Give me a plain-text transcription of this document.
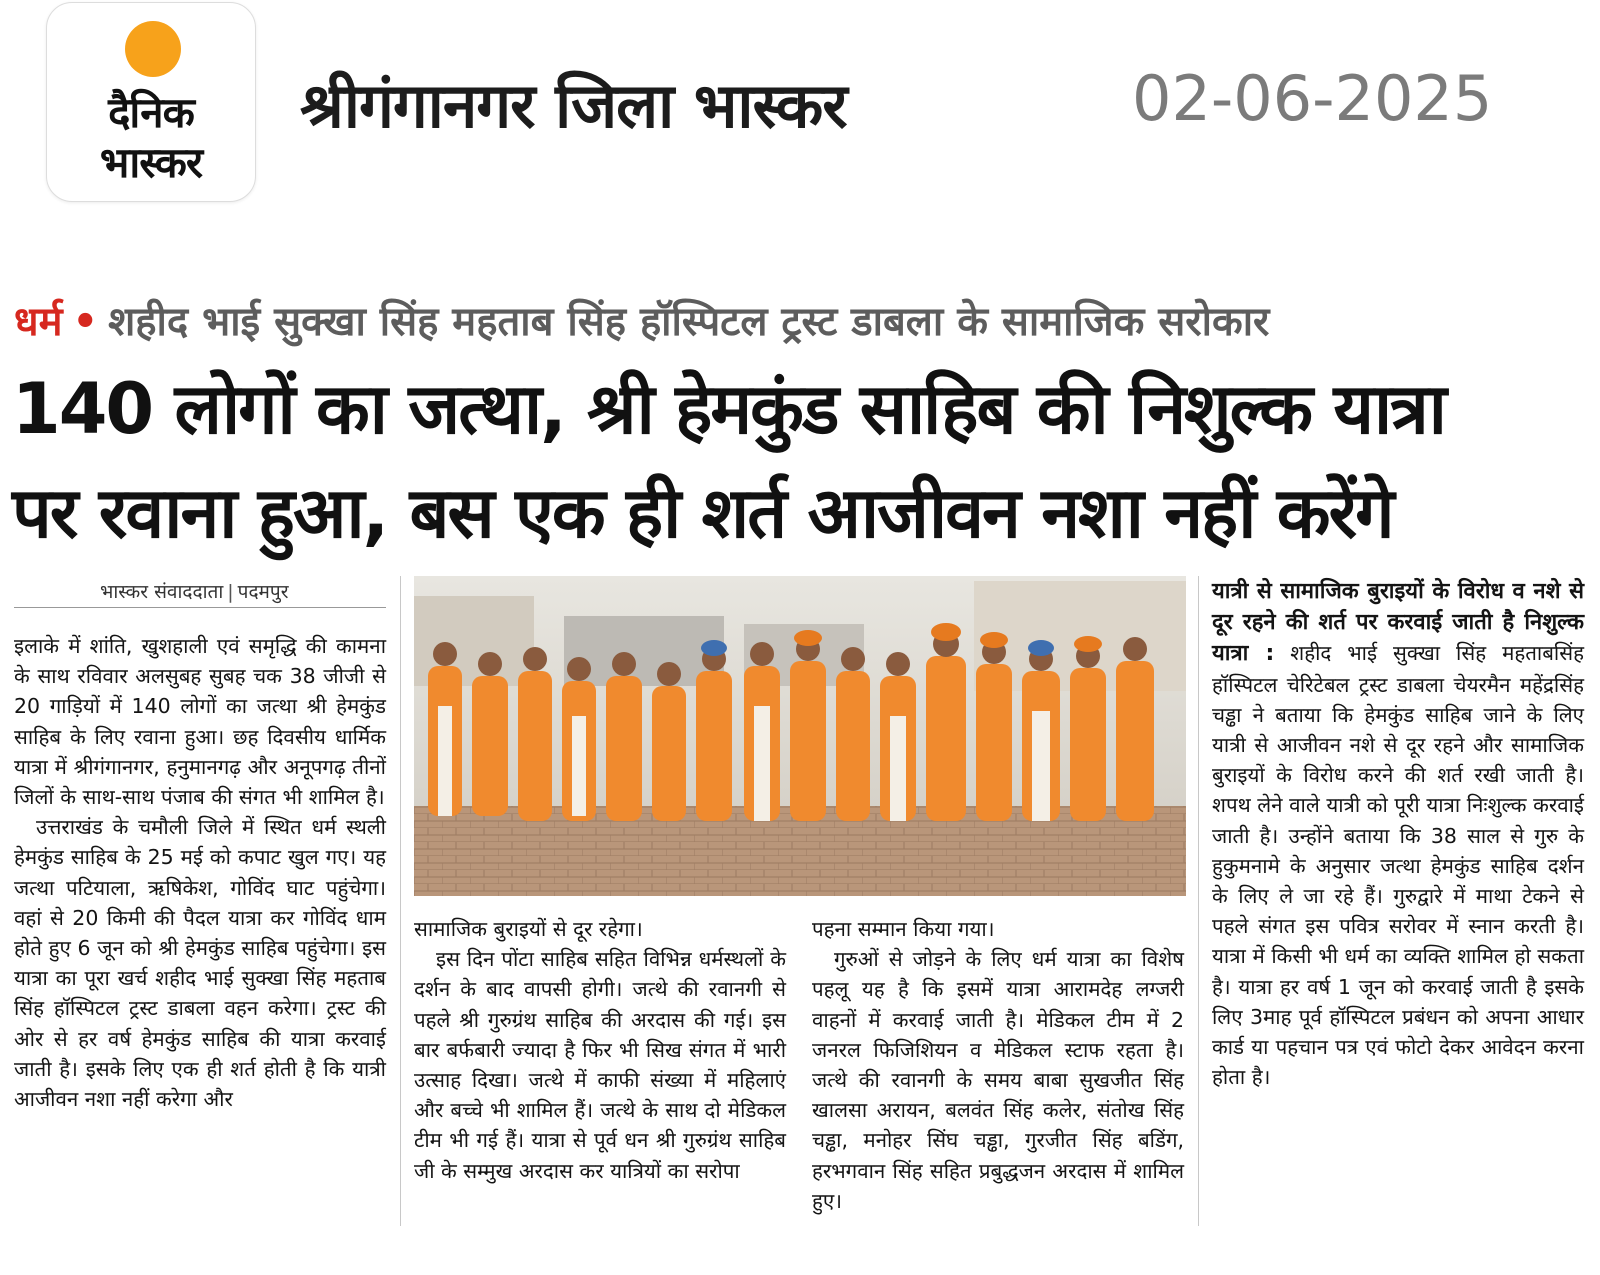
दैनिक
भास्कर
श्रीगंगानगर जिला भास्कर	02-06-2025
धर्म • शहीद भाई सुक्खा सिंह महताब सिंह हॉस्पिटल ट्रस्ट डाबला के सामाजिक सरोकार
140 लोगों का जत्था, श्री हेमकुंड साहिब की निशुल्क यात्रा
पर रवाना हुआ, बस एक ही शर्त आजीवन नशा नहीं करेंगे
भास्कर संवाददाता | पदमपुर

इलाके में शांति, खुशहाली एवं समृद्धि की कामना के साथ रविवार अलसुबह सुबह चक 38 जीजी से 20 गाड़ियों में 140 लोगों का जत्था श्री हेमकुंड साहिब के लिए रवाना हुआ। छह दिवसीय धार्मिक यात्रा में श्रीगंगानगर, हनुमानगढ़ और अनूपगढ़ तीनों जिलों के साथ-साथ पंजाब की संगत भी शामिल है।

उत्तराखंड के चमौली जिले में स्थित धर्म स्थली हेमकुंड साहिब के 25 मई को कपाट खुल गए। यह जत्था पटियाला, ऋषिकेश, गोविंद घाट पहुंचेगा। वहां से 20 किमी की पैदल यात्रा कर गोविंद धाम होते हुए 6 जून को श्री हेमकुंड साहिब पहुंचेगा। इस यात्रा का पूरा खर्च शहीद भाई सुक्खा सिंह महताब सिंह हॉस्पिटल ट्रस्ट डाबला वहन करेगा। ट्रस्ट की ओर से हर वर्ष हेमकुंड साहिब की यात्रा करवाई जाती है। इसके लिए एक ही शर्त होती है कि यात्री आजीवन नशा नहीं करेगा और

सामाजिक बुराइयों से दूर रहेगा।

इस दिन पोंटा साहिब सहित विभिन्न धर्मस्थलों के दर्शन के बाद वापसी होगी। जत्थे की रवानगी से पहले श्री गुरुग्रंथ साहिब की अरदास की गई। इस बार बर्फबारी ज्यादा है फिर भी सिख संगत में भारी उत्साह दिखा। जत्थे में काफी संख्या में महिलाएं और बच्चे भी शामिल हैं। जत्थे के साथ दो मेडिकल टीम भी गई हैं। यात्रा से पूर्व धन श्री गुरुग्रंथ साहिब जी के सम्मुख अरदास कर यात्रियों का सरोपा

पहना सम्मान किया गया।

गुरुओं से जोड़ने के लिए धर्म यात्रा का विशेष पहलू यह है कि इसमें यात्रा आरामदेह लग्जरी वाहनों में करवाई जाती है। मेडिकल टीम में 2 जनरल फिजिशियन व मेडिकल स्टाफ रहता है। जत्थे की रवानगी के समय बाबा सुखजीत सिंह खालसा अरायन, बलवंत सिंह कलेर, संतोख सिंह चड्ढा, मनोहर सिंघ चड्ढा, गुरजीत सिंह बडिंग, हरभगवान सिंह सहित प्रबुद्धजन अरदास में शामिल हुए।

यात्री से सामाजिक बुराइयों के विरोध व नशे से दूर रहने की शर्त पर करवाई जाती है निशुल्क यात्रा : शहीद भाई सुक्खा सिंह महताबसिंह हॉस्पिटल चेरिटेबल ट्रस्ट डाबला चेयरमैन महेंद्रसिंह चड्ढा ने बताया कि हेमकुंड साहिब जाने के लिए यात्री से आजीवन नशे से दूर रहने और सामाजिक बुराइयों के विरोध करने की शर्त रखी जाती है। शपथ लेने वाले यात्री को पूरी यात्रा निःशुल्क करवाई जाती है। उन्होंने बताया कि 38 साल से गुरु के हुकुमनामे के अनुसार जत्था हेमकुंड साहिब दर्शन के लिए ले जा रहे हैं। गुरुद्वारे में माथा टेकने से पहले संगत इस पवित्र सरोवर में स्नान करती है। यात्रा में किसी भी धर्म का व्यक्ति शामिल हो सकता है। यात्रा हर वर्ष 1 जून को करवाई जाती है इसके लिए 3माह पूर्व हॉस्पिटल प्रबंधन को अपना आधार कार्ड या पहचान पत्र एवं फोटो देकर आवेदन करना होता है।
